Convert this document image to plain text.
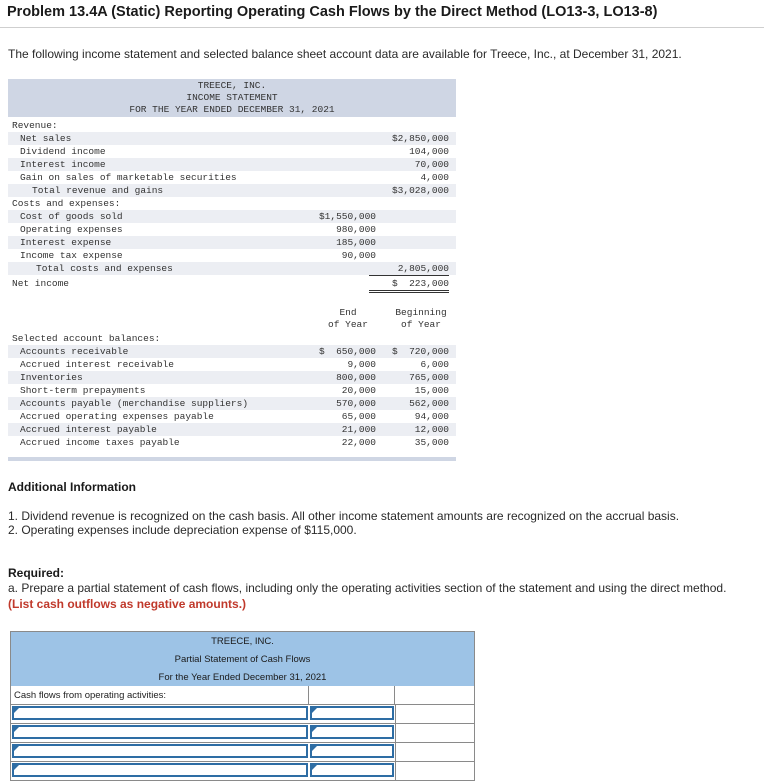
Problem 13.4A (Static) Reporting Operating Cash Flows by the Direct Method (LO13-3, LO13-8)
The following income statement and selected balance sheet account data are available for Treece, Inc., at December 31, 2021.
TREECE, INC.
INCOME STATEMENT
FOR THE YEAR ENDED DECEMBER 31, 2021
Revenue:
Net sales	$2,850,000
Dividend income	104,000
Interest income	70,000
Gain on sales of marketable securities	4,000
Total revenue and gains	$3,028,000
Costs and expenses:
Cost of goods sold	$1,550,000
Operating expenses	980,000
Interest expense	185,000
Income tax expense	90,000
Total costs and expenses	2,805,000
Net income	$  223,000
End
of Year
Beginning
of Year
Selected account balances:
Accounts receivable	$  650,000	$  720,000
Accrued interest receivable	9,000	6,000
Inventories	800,000	765,000
Short-term prepayments	20,000	15,000
Accounts payable (merchandise suppliers)	570,000	562,000
Accrued operating expenses payable	65,000	94,000
Accrued interest payable	21,000	12,000
Accrued income taxes payable	22,000	35,000
Additional Information
1. Dividend revenue is recognized on the cash basis. All other income statement amounts are recognized on the accrual basis.
2. Operating expenses include depreciation expense of $115,000.
Required:
a. Prepare a partial statement of cash flows, including only the operating activities section of the statement and using the direct method. (List cash outflows as negative amounts.)
TREECE, INC.
Partial Statement of Cash Flows
For the Year Ended December 31, 2021
Cash flows from operating activities:
